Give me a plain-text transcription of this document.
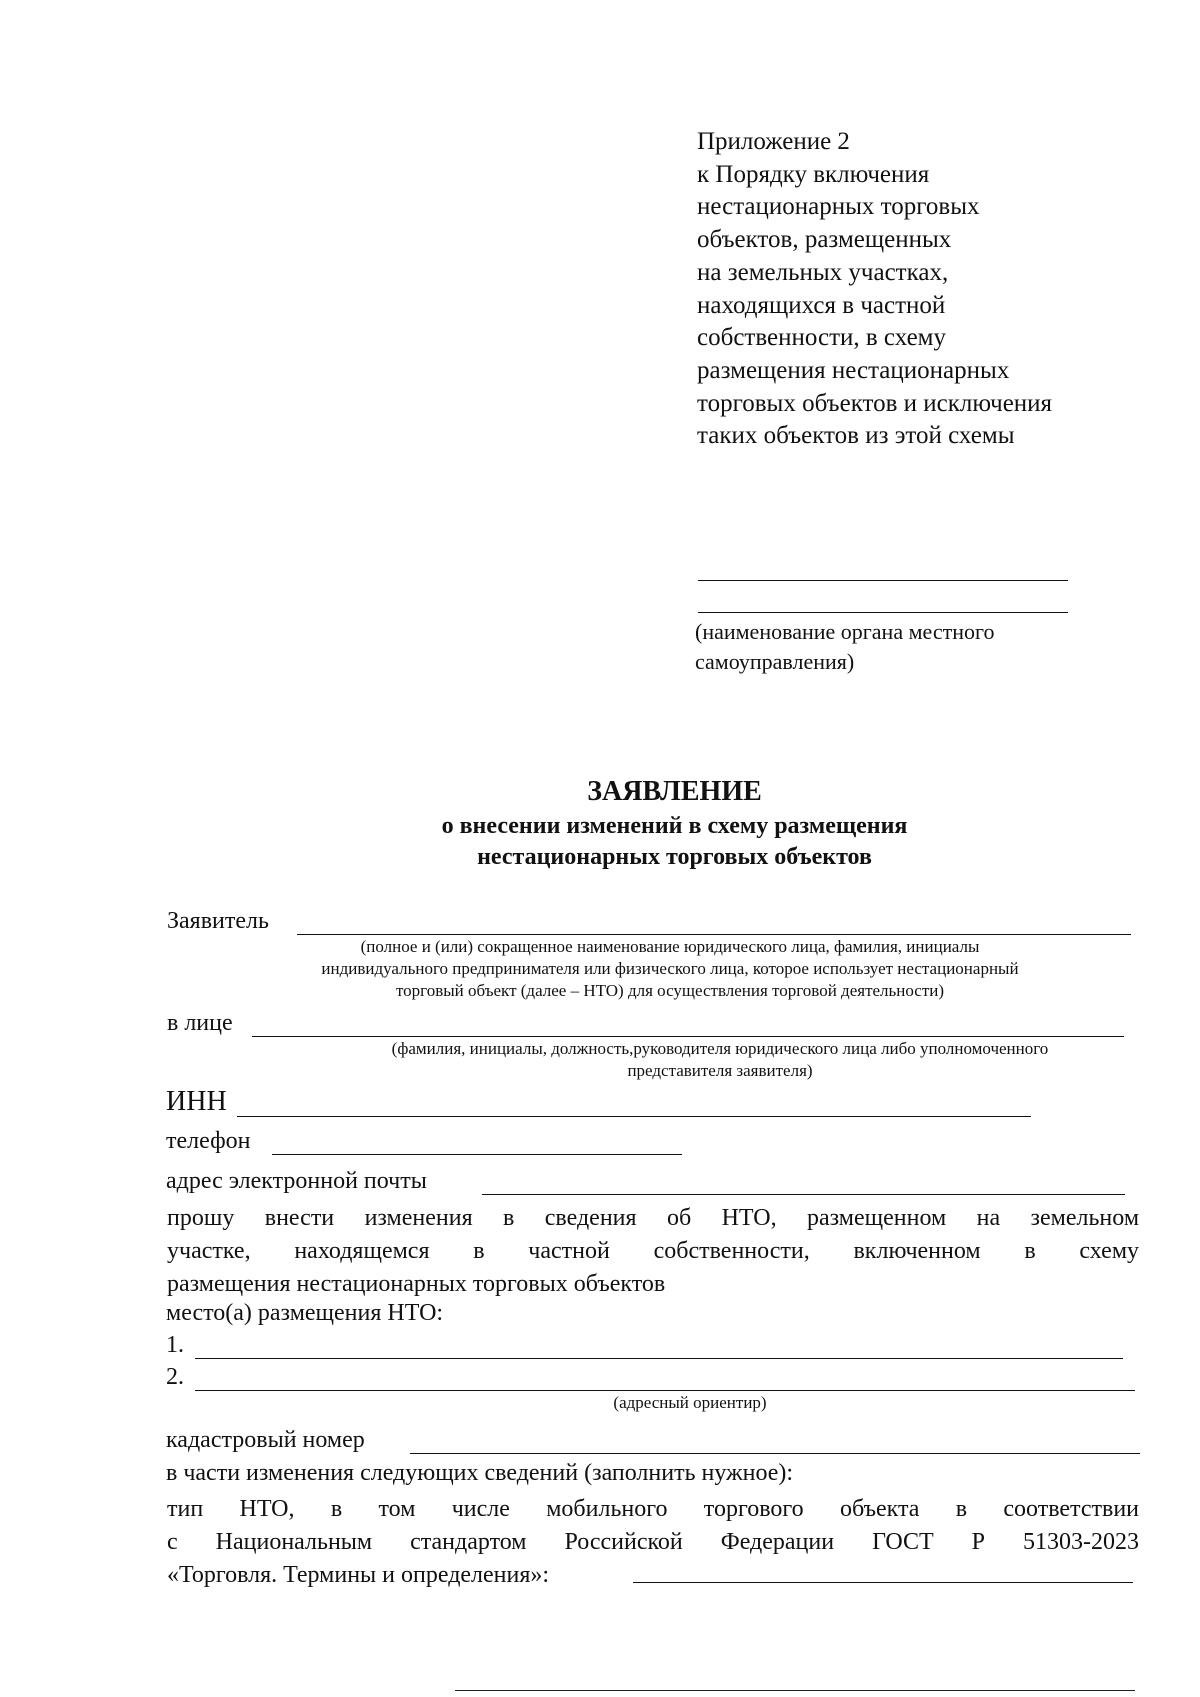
Приложение 2
к Порядку включения
нестационарных торговых
объектов, размещенных
на земельных участках,
находящихся в частной
собственности, в схему
размещения нестационарных
торговых объектов и исключения
таких объектов из этой схемы
(наименование органа местного
самоуправления)
ЗАЯВЛЕНИЕ
о внесении изменений в схему размещения
нестационарных торговых объектов
Заявитель
(полное и (или) сокращенное наименование юридического лица, фамилия, инициалы
индивидуального предпринимателя или физического лица, которое использует нестационарный
торговый объект (далее – НТО) для осуществления торговой деятельности)
в лице
(фамилия, инициалы, должность,руководителя юридического лица либо уполномоченного
представителя заявителя)
ИНН
телефон
адрес электронной почты
прошу внести изменения в сведения об НТО, размещенном на земельном
участке, находящемся в частной собственности, включенном в схему
размещения нестационарных торговых объектов
место(а) размещения НТО:
1.
2.
(адресный ориентир)
кадастровый номер
в части изменения следующих сведений (заполнить нужное):
тип НТО, в том числе мобильного торгового объекта в соответствии
с Национальным стандартом Российской Федерации ГОСТ Р 51303-2023
«Торговля. Термины и определения»:
